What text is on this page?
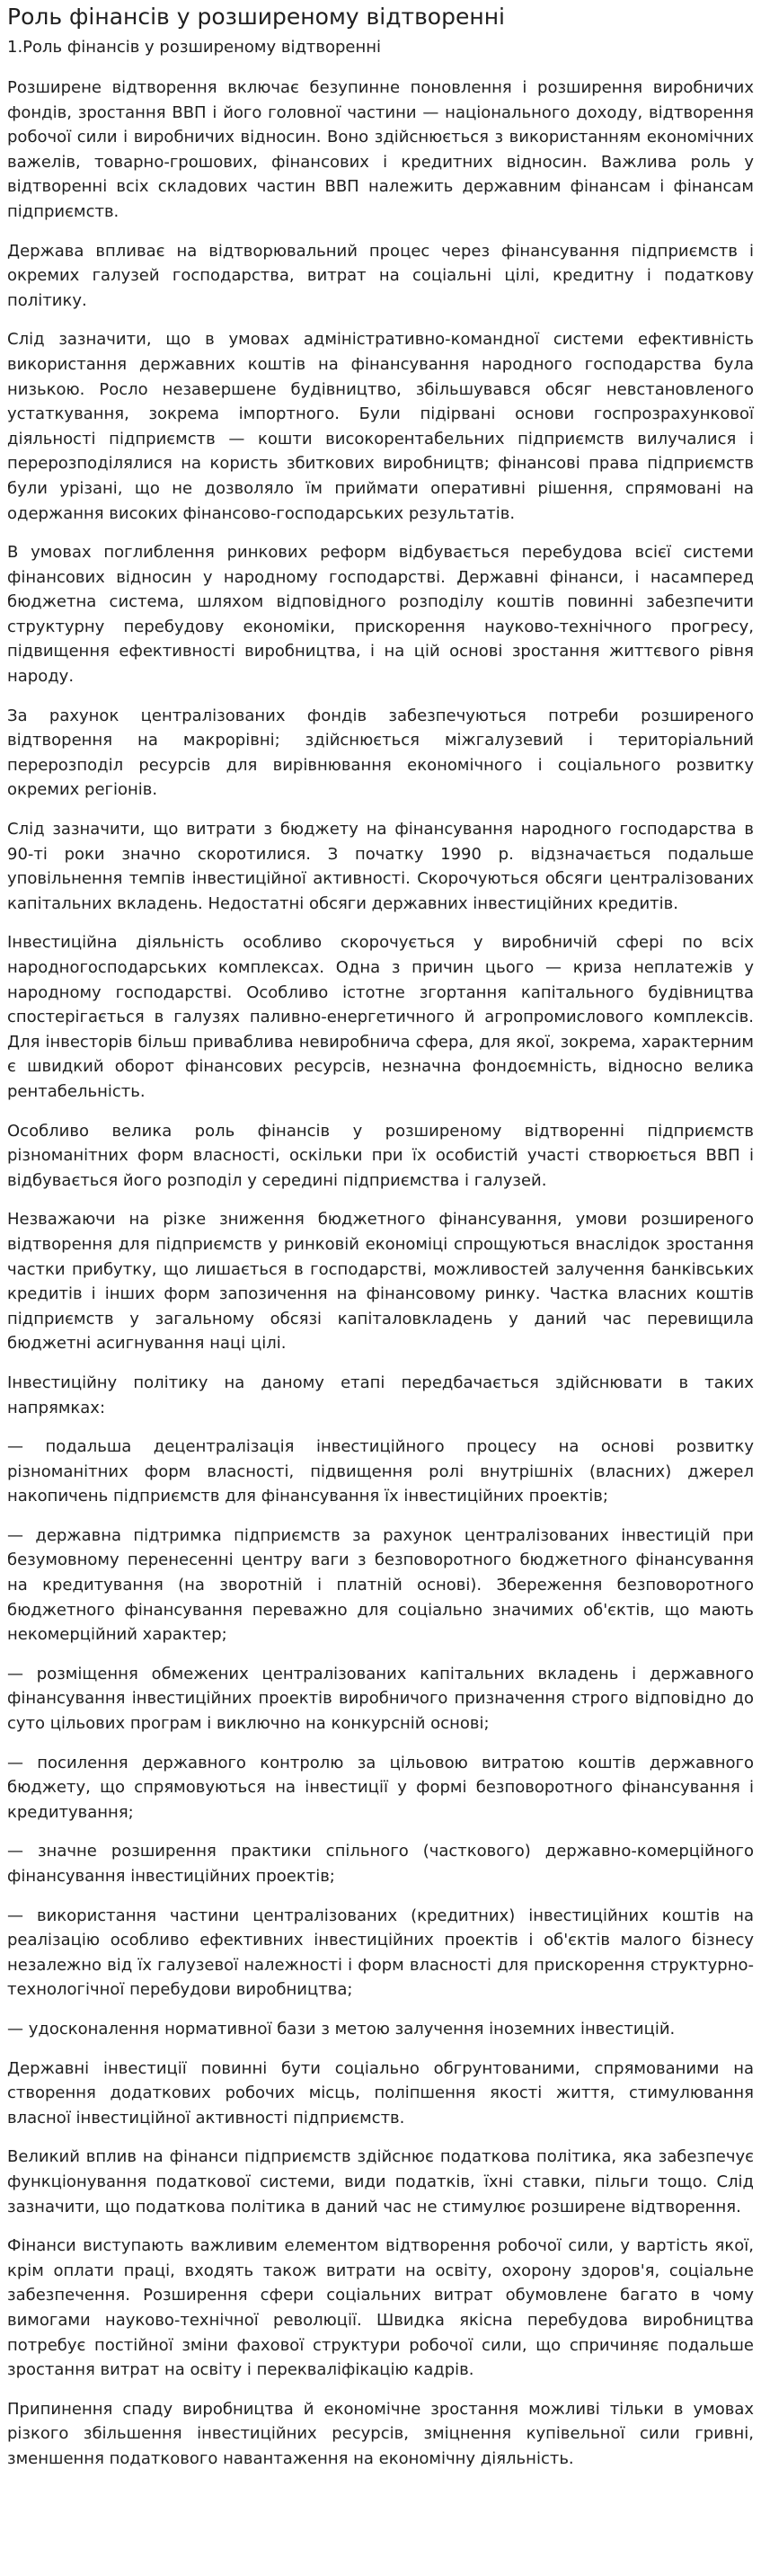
Роль фінансів у розширеному відтворенні
1.Роль фінансів у розширеному відтворенні

Розширене відтворення включає безупинне поновлення і розширення виробничих фондів, зростання ВВП і його головної частини — національного доходу, відтворення робочої сили і виробничих відносин. Воно здійснюється з використанням економічних важелів, товарно-грошових, фінансових і кредитних відносин. Важлива роль у відтворенні всіх складових частин ВВП належить державним фінансам і фінансам підприємств.

Держава впливає на відтворювальний процес через фінансування підприємств і окремих галузей господарства, витрат на соціальні цілі, кредитну і податкову політику.

Слід зазначити, що в умовах адміністративно-командної системи ефективність використання державних коштів на фінансування народного господарства була низькою. Росло незавершене будівництво, збільшувався обсяг невстановленого устаткування, зокрема імпортного. Були підірвані основи госпрозрахункової діяльності підприємств — кошти високорентабельних підприємств вилучалися і перерозподілялися на користь збиткових виробництв; фінансові права підприємств були урізані, що не дозволяло їм приймати оперативні рішення, спрямовані на одержання високих фінансово-господарських результатів.

В умовах поглиблення ринкових реформ відбувається перебудова всієї системи фінансових відносин у народному господарстві. Державні фінанси, і насамперед бюджетна система, шляхом відповідного розподілу коштів повинні забезпечити структурну перебудову економіки, прискорення науково-технічного прогресу, підвищення ефективності виробництва, і на цій основі зростання життєвого рівня народу.

За рахунок централізованих фондів забезпечуються потреби розширеного відтворення на макрорівні; здійснюється міжгалузевий і територіальний перерозподіл ресурсів для вирівнювання економічного і соціального розвитку окремих регіонів.

Слід зазначити, що витрати з бюджету на фінансування народного господарства в 90-ті роки значно скоротилися. З початку 1990 р. відзначається подальше уповільнення темпів інвестиційної активності. Скорочуються обсяги централізованих капітальних вкладень. Недостатні обсяги державних інвестиційних кредитів.

Інвестиційна діяльність особливо скорочується у виробничій сфері по всіх народногосподарських комплексах. Одна з причин цього — криза неплатежів у народному господарстві. Особливо істотне згортання капітального будівництва спостерігається в галузях паливно-енергетичного й агропромислового комплексів. Для інвесторів більш приваблива невиробнича сфера, для якої, зокрема, характерним є швидкий оборот фінансових ресурсів, незначна фондоємність, відносно велика рентабельність.

Особливо велика роль фінансів у розширеному відтворенні підприємств різноманітних форм власності, оскільки при їх особистій участі створюється ВВП і відбувається його розподіл у середині підприємства і галузей.

Незважаючи на різке зниження бюджетного фінансування, умови розширеного відтворення для підприємств у ринковій економіці спрощуються внаслідок зростання частки прибутку, що лишається в господарстві, можливостей залучення банківських кредитів і інших форм запозичення на фінансовому ринку. Частка власних коштів підприємств у загальному обсязі капіталовкладень у даний час перевищила бюджетні асигнування наці цілі.

Інвестиційну політику на даному етапі передбачається здійснювати в таких напрямках:

— подальша децентралізація інвестиційного процесу на основі розвитку різноманітних форм власності, підвищення ролі внутрішніх (власних) джерел накопичень підприємств для фінансування їх інвестиційних проектів;

— державна підтримка підприємств за рахунок централізованих інвестицій при безумовному перенесенні центру ваги з безповоротного бюджетного фінансування на кредитування (на зворотній і платній основі). Збереження безповоротного бюджетного фінансування переважно для соціально значимих об'єктів, що мають некомерційний характер;

— розміщення обмежених централізованих капітальних вкладень і державного фінансування інвестиційних проектів виробничого призначення строго відповідно до суто цільових програм і виключно на конкурсній основі;

— посилення державного контролю за цільовою витратою коштів державного бюджету, що спрямовуються на інвестиції у формі безповоротного фінансування і кредитування;

— значне розширення практики спільного (часткового) державно-комерційного фінансування інвестиційних проектів;

— використання частини централізованих (кредитних) інвестиційних коштів на реалізацію особливо ефективних інвестиційних проектів і об'єктів малого бізнесу незалежно від їх галузевої належності і форм власності для прискорення структурно-технологічної перебудови виробництва;

— удосконалення нормативної бази з метою залучення іноземних інвестицій.

Державні інвестиції повинні бути соціально обгрунтованими, спрямованими на створення додаткових робочих місць, поліпшення якості життя, стимулювання власної інвестиційної активності підприємств.

Великий вплив на фінанси підприємств здійснює податкова політика, яка забезпечує функціонування податкової системи, види податків, їхні ставки, пільги тощо. Слід зазначити, що податкова політика в даний час не стимулює розширене відтворення.

Фінанси виступають важливим елементом відтворення робочої сили, у вартість якої, крім оплати праці, входять також витрати на освіту, охорону здоров'я, соціальне забезпечення. Розширення сфери соціальних витрат обумовлене багато в чому вимогами науково-технічної революції. Швидка якісна перебудова виробництва потребує постійної зміни фахової структури робочої сили, що спричиняє подальше зростання витрат на освіту і перекваліфікацію кадрів.

Припинення спаду виробництва й економічне зростання можливі тільки в умовах різкого збільшення інвестиційних ресурсів, зміцнення купівельної сили гривні, зменшення податкового навантаження на економічну діяльність.
